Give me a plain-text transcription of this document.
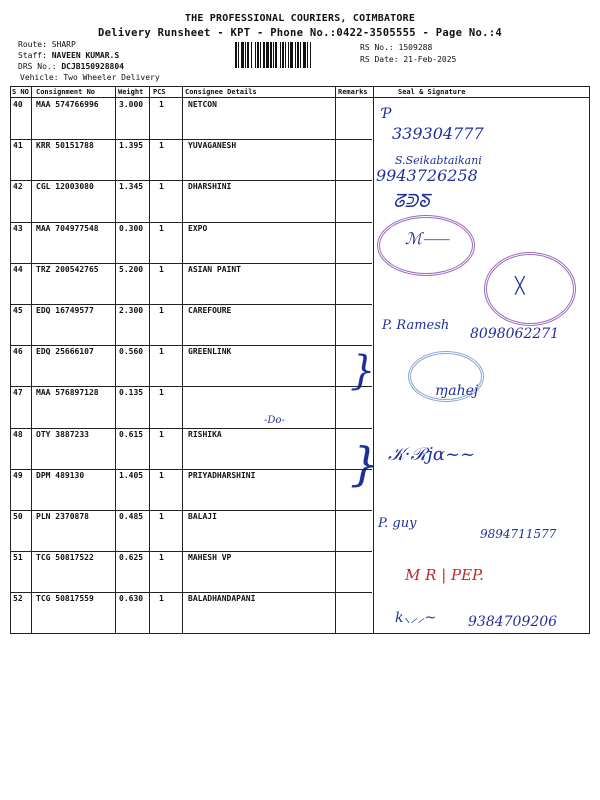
THE PROFESSIONAL COURIERS, COIMBATORE
Delivery Runsheet - KPT - Phone No.:0422-3505555 - Page No.:4
Route: SHARP
Staff: NAVEEN KUMAR.S
DRS No.: DCJB150928804
Vehicle: Two Wheeler Delivery
RS No.: 1509288
RS Date: 21-Feb-2025
S NO Consignment No	Weight PCS	Consignee Details	Remarks	Seal & Signature
40 MAA 574766996	3.000 1	NETCON
41 KRR 50151788	1.395 1	YUVAGANESH
42 CGL 12003080	1.345 1	DHARSHINI
43 MAA 704977548	0.300 1	EXPO
44 TRZ 200542765	5.200 1	ASIAN PAINT
45 EDQ 16749577	2.300 1	CAREFOURE
46 EDQ 25666107	0.560 1	GREENLINK
47 MAA 576897128	0.135 1
48 OTY 3887233	0.615 1	RISHIKA
49 DPM 489130	1.405 1	PRIYADHARSHINI
50 PLN 2370878	0.485 1	BALAJI
51 TCG 50817522	0.625 1	MAHESH VP
52 TCG 50817559	0.630 1	BALADHANDAPANI
Ƥ
339304777
S.Seikabtaikani
9943726258
ᘔᕲᘕ
ℳ⸺
╳
P. Ramesh
8098062271
}	ɱahej
-Do-
} 𝒦·ℛjɑ~~
P. guy
9894711577
M R | PEP.
k⸜⸝⸝~ 9384709206
